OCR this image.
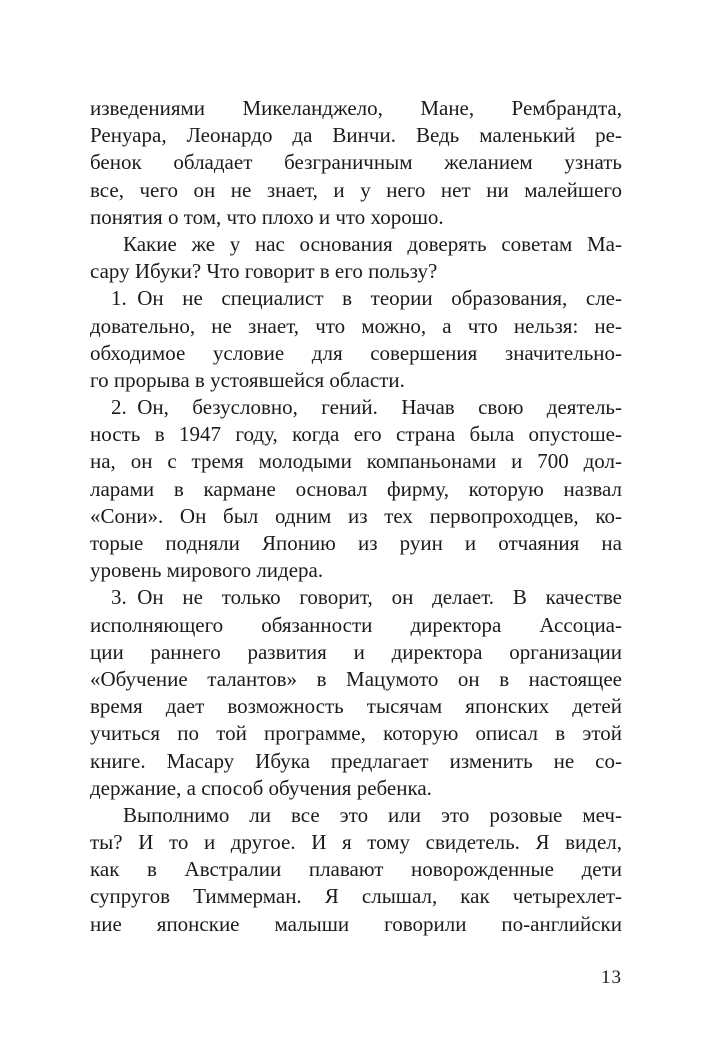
изведениями Микеланджело, Мане, Рембрандта,
Ренуара, Леонардо да Винчи. Ведь маленький ре-
бенок обладает безграничным желанием узнать
все, чего он не знает, и у него нет ни малейшего
понятия о том, что плохо и что хорошо.
Какие же у нас основания доверять советам Ма-
сару Ибуки? Что говорит в его пользу?
1. Он не специалист в теории образования, сле-
довательно, не знает, что можно, а что нельзя: не-
обходимое условие для совершения значительно-
го прорыва в устоявшейся области.
2. Он, безусловно, гений. Начав свою деятель-
ность в 1947 году, когда его страна была опустоше-
на, он с тремя молодыми компаньонами и 700 дол-
ларами в кармане основал фирму, которую назвал
«Сони». Он был одним из тех первопроходцев, ко-
торые подняли Японию из руин и отчаяния на
уровень мирового лидера.
3. Он не только говорит, он делает. В качестве
исполняющего обязанности директора Ассоциа-
ции раннего развития и директора организации
«Обучение талантов» в Мацумото он в настоящее
время дает возможность тысячам японских детей
учиться по той программе, которую описал в этой
книге. Масару Ибука предлагает изменить не со-
держание, а способ обучения ребенка.
Выполнимо ли все это или это розовые меч-
ты? И то и другое. И я тому свидетель. Я видел,
как в Австралии плавают новорожденные дети
супругов Тиммерман. Я слышал, как четырехлет-
ние японские малыши говорили по-английски
13
